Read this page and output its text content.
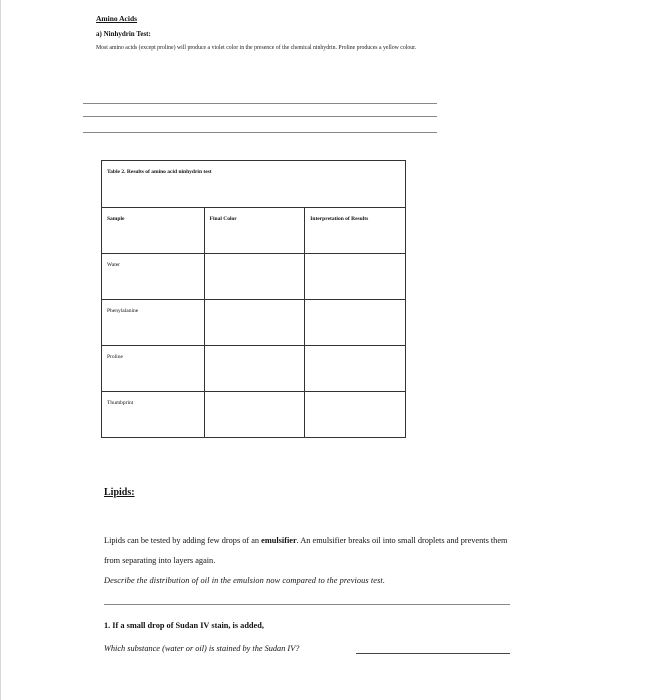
Amino Acids
a) Ninhydrin Test:
Most amino acids (except proline) will produce a violet color in the presence of the chemical ninhydrin. Proline produces a yellow colour.
Table 2. Results of amino acid ninhydrin test		
Sample	Final Color	Interpretation of Results
Water		
Phenylalanine		
Proline		
Thumbprint		
Lipids:
Lipids can be tested by adding few drops of an emulsifier. An emulsifier breaks oil into small droplets and prevents them from separating into layers again.
Describe the distribution of oil in the emulsion now compared to the previous test.
1. If a small drop of Sudan IV stain, is added,
Which substance (water or oil) is stained by the Sudan IV?
